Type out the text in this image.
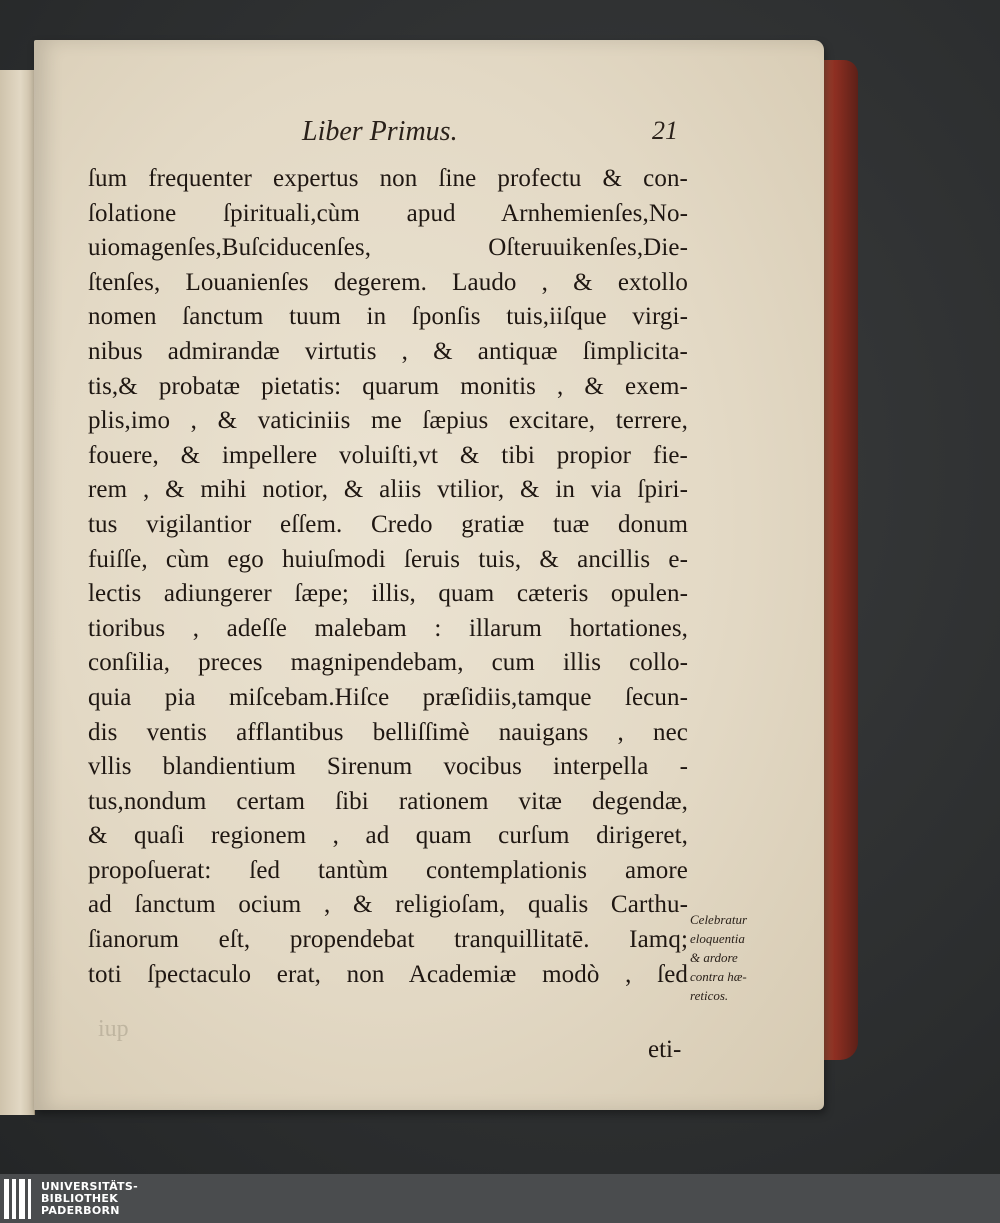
Liber Primus.	21
ſum frequenter expertus non ſine profectu & con-
ſolatione ſpirituali,cùm apud Arnhemienſes,No-
uiomagenſes,Buſciducenſes, Oſteruuikenſes,Die-
ſtenſes, Louanienſes degerem. Laudo , & extollo
nomen ſanctum tuum in ſponſis tuis,iiſque virgi-
nibus admirandæ virtutis , & antiquæ ſimplicita-
tis,& probatæ pietatis: quarum monitis , & exem-
plis,imo , & vaticiniis me ſæpius excitare, terrere,
fouere, & impellere voluiſti,vt & tibi propior fie-
rem , & mihi notior, & aliis vtilior, & in via ſpiri-
tus vigilantior eſſem. Credo gratiæ tuæ donum
fuiſſe, cùm ego huiuſmodi ſeruis tuis, & ancillis e-
lectis adiungerer ſæpe; illis, quam cæteris opulen-
tioribus , adeſſe malebam : illarum hortationes,
conſilia, preces magnipendebam, cum illis collo-
quia pia miſcebam.Hiſce præſidiis,tamque ſecun-
dis ventis afflantibus belliſſimè nauigans , nec
vllis blandientium Sirenum vocibus interpella -
tus,nondum certam ſibi rationem vitæ degendæ,
& quaſi regionem , ad quam curſum dirigeret,
propoſuerat: ſed tantùm contemplationis amore
ad ſanctum ocium , & religioſam, qualis Carthu-
ſianorum eſt, propendebat tranquillitatē. Iamq;
toti ſpectaculo erat, non Academiæ modò , ſed
iup
eti-
Celebratur
eloquentia
& ardore
contra hæ-
reticos.
UNIVERSITÄTS-
BIBLIOTHEK
PADERBORN
